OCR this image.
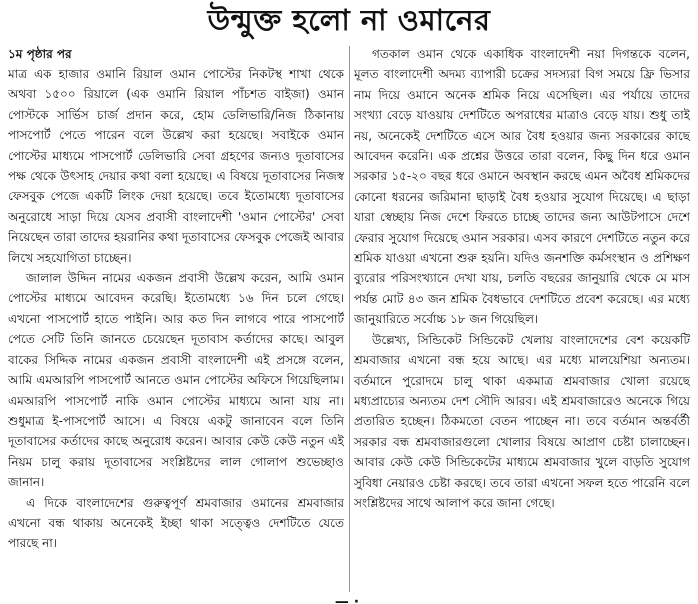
উন্মুক্ত হলো না ওমানের
১ম পৃষ্ঠার পর

মাত্র এক হাজার ওমানি রিয়াল ওমান পোস্টের নিকটস্থ শাখা থেকে অথবা ১৫০০ রিয়ালে (এক ওমানি রিয়াল পাঁচশত বাইজা) ওমান পোস্টকে সার্ভিস চার্জ প্রদান করে, হোম ডেলিভারি/নিজ ঠিকানায় পাসপোর্ট পেতে পারেন বলে উল্লেখ করা হয়েছে। সবাইকে ওমান পোস্টের মাধ্যমে পাসপোর্ট ডেলিভারি সেবা গ্রহণের জন্যও দূতাবাসের পক্ষ থেকে উৎসাহ দেয়ার কথা বলা হয়েছে। এ বিষয়ে দূতাবাসের নিজস্ব ফেসবুক পেজে একটি লিংক দেয়া হয়েছে। তবে ইতোমধ্যে দূতাবাসের অনুরোধে সাড়া দিয়ে যেসব প্রবাসী বাংলাদেশী 'ওমান পোস্টের' সেবা নিয়েছেন তারা তাদের হয়রানির কথা দূতাবাসের ফেসবুক পেজেই আবার লিখে সহযোগিতা চাচ্ছেন।

জালাল উদ্দিন নামের একজন প্রবাসী উল্লেখ করেন, আমি ওমান পোস্টের মাধ্যমে আবেদন করেছি। ইতোমধ্যে ১৬ দিন চলে গেছে। এখনো পাসপোর্ট হাতে পাইনি। আর কত দিন লাগবে পারে পাসপোর্ট পেতে সেটি তিনি জানতে চেয়েছেন দূতাবাস কর্তাদের কাছে। আবুল বাকের সিদ্দিক নামের একজন প্রবাসী বাংলাদেশী এই প্রসঙ্গে বলেন, আমি এমআরপি পাসপোর্ট আনতে ওমান পোস্টের অফিসে গিয়েছিলাম। এমআরপি পাসপোর্ট নাকি ওমান পোস্টের মাধ্যমে আনা যায় না। শুধুমাত্র ই-পাসপোর্ট আসে। এ বিষয়ে একটু জানাবেন বলে তিনি দূতাবাসের কর্তাদের কাছে অনুরোধ করেন। আবার কেউ কেউ নতুন এই নিয়ম চালু করায় দূতাবাসের সংশ্লিষ্টদের লাল গোলাপ শুভেচ্ছাও জানান।

এ দিকে বাংলাদেশের গুরুত্বপূর্ণ শ্রমবাজার ওমানের শ্রমবাজার এখনো বন্ধ থাকায় অনেকেই ইচ্ছা থাকা সত্ত্বেও দেশটিতে যেতে পারছে না।

গতকাল ওমান থেকে একাধিক বাংলাদেশী নয়া দিগন্তকে বলেন, মূলত বাংলাদেশী অদম্য ব্যাপারী চক্রের সদস্যরা বিগ সময়ে ফ্রি ভিসার নাম দিয়ে ওমানে অনেক শ্রমিক নিয়ে এসেছিল। এর পর্যায়ে তাদের সংখ্যা বেড়ে যাওয়ায় দেশটিতে অপরাধের মাত্রাও বেড়ে যায়। শুধু তাই নয়, অনেকেই দেশটিতে এসে আর বৈধ হওয়ার জন্য সরকারের কাছে আবেদন করেনি। এক প্রশ্নের উত্তরে তারা বলেন, কিছু দিন ধরে ওমান সরকার ১৫-২০ বছর ধরে ওমানে অবস্থান করছে এমন অবৈধ শ্রমিকদের কোনো ধরনের জরিমানা ছাড়াই বৈধ হওয়ার সুযোগ দিয়েছে। এ ছাড়া যারা স্বেচ্ছায় নিজ দেশে ফিরতে চাচ্ছে তাদের জন্য আউটপাসে দেশে ফেরার সুযোগ দিয়েছে ওমান সরকার। এসব কারণে দেশটিতে নতুন করে শ্রমিক যাওয়া এখনো শুরু হয়নি। যদিও জনশক্তি কর্মসংস্থান ও প্রশিক্ষণ ব্যুরোর পরিসংখ্যানে দেখা যায়, চলতি বছরের জানুয়ারি থেকে মে মাস পর্যন্ত মোট ৪৩ জন শ্রমিক বৈধভাবে দেশটিতে প্রবেশ করেছে। এর মধ্যে জানুয়ারিতে সর্বোচ্চ ১৮ জন গিয়েছিল।

উল্লেখ্য, সিন্ডিকেট সিন্ডিকেট খেলায় বাংলাদেশের বেশ কয়েকটি শ্রমবাজার এখনো বন্ধ হয়ে আছে। এর মধ্যে মালয়েশিয়া অন্যতম। বর্তমানে পুরোদমে চালু থাকা একমাত্র শ্রমবাজার খোলা রয়েছে মধ্যপ্রাচ্যের অন্যতম দেশ সৌদি আরব। এই শ্রমবাজারেও অনেকে গিয়ে প্রতারিত হচ্ছেন। ঠিকমতো বেতন পাচ্ছেন না। তবে বর্তমান অন্তর্বর্তী সরকার বন্ধ শ্রমবাজারগুলো খোলার বিষয়ে আপ্রাণ চেষ্টা চালাচ্ছেন। আবার কেউ কেউ সিন্ডিকেটের মাধ্যমে শ্রমবাজার খুলে বাড়তি সুযোগ সুবিধা নেয়ারও চেষ্টা করছে। তবে তারা এখনো সফল হতে পারেনি বলে সংশ্লিষ্টদের সাথে আলাপ করে জানা গেছে।

— ·
